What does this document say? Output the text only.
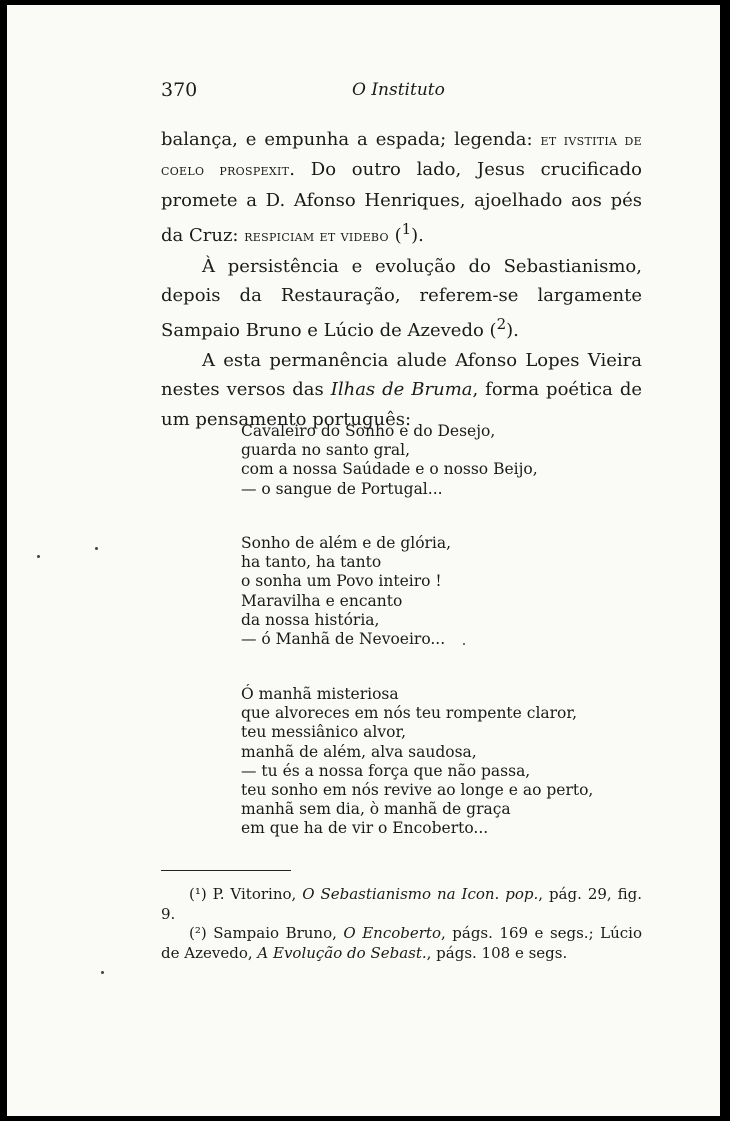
370	O Instituto

balança, e empunha a espada; legenda: et ivstitia de coelo prospexit. Do outro lado, Jesus crucificado promete a D. Afonso Henriques, ajoelhado aos pés da Cruz: respiciam et videbo ($^1$).

À persistência e evolução do Sebastianismo, depois da Restauração, referem-se largamente Sampaio Bruno e Lúcio de Azevedo ($^2$).

A esta permanência alude Afonso Lopes Vieira nestes versos das Ilhas de Bruma, forma poética de um pensamento português:

Cavaleiro do Sonho e do Desejo,
guarda no santo gral,
com a nossa Saúdade e o nosso Beijo,
— o sangue de Portugal...
Sonho de além e de glória,
ha tanto, ha tanto
o sonha um Povo inteiro !
Maravilha e encanto
da nossa história,
— ó Manhã de Nevoeiro...
Ó manhã misteriosa
que alvoreces em nós teu rompente claror,
teu messiânico alvor,
manhã de além, alva saudosa,
— tu és a nossa força que não passa,
teu sonho em nós revive ao longe e ao perto,
manhã sem dia, ò manhã de graça
em que ha de vir o Encoberto...

(¹) P. Vitorino, O Sebastianismo na Icon. pop., pág. 29, fig. 9.

(²) Sampaio Bruno, O Encoberto, págs. 169 e segs.; Lúcio de Azevedo, A Evolução do Sebast., págs. 108 e segs.
